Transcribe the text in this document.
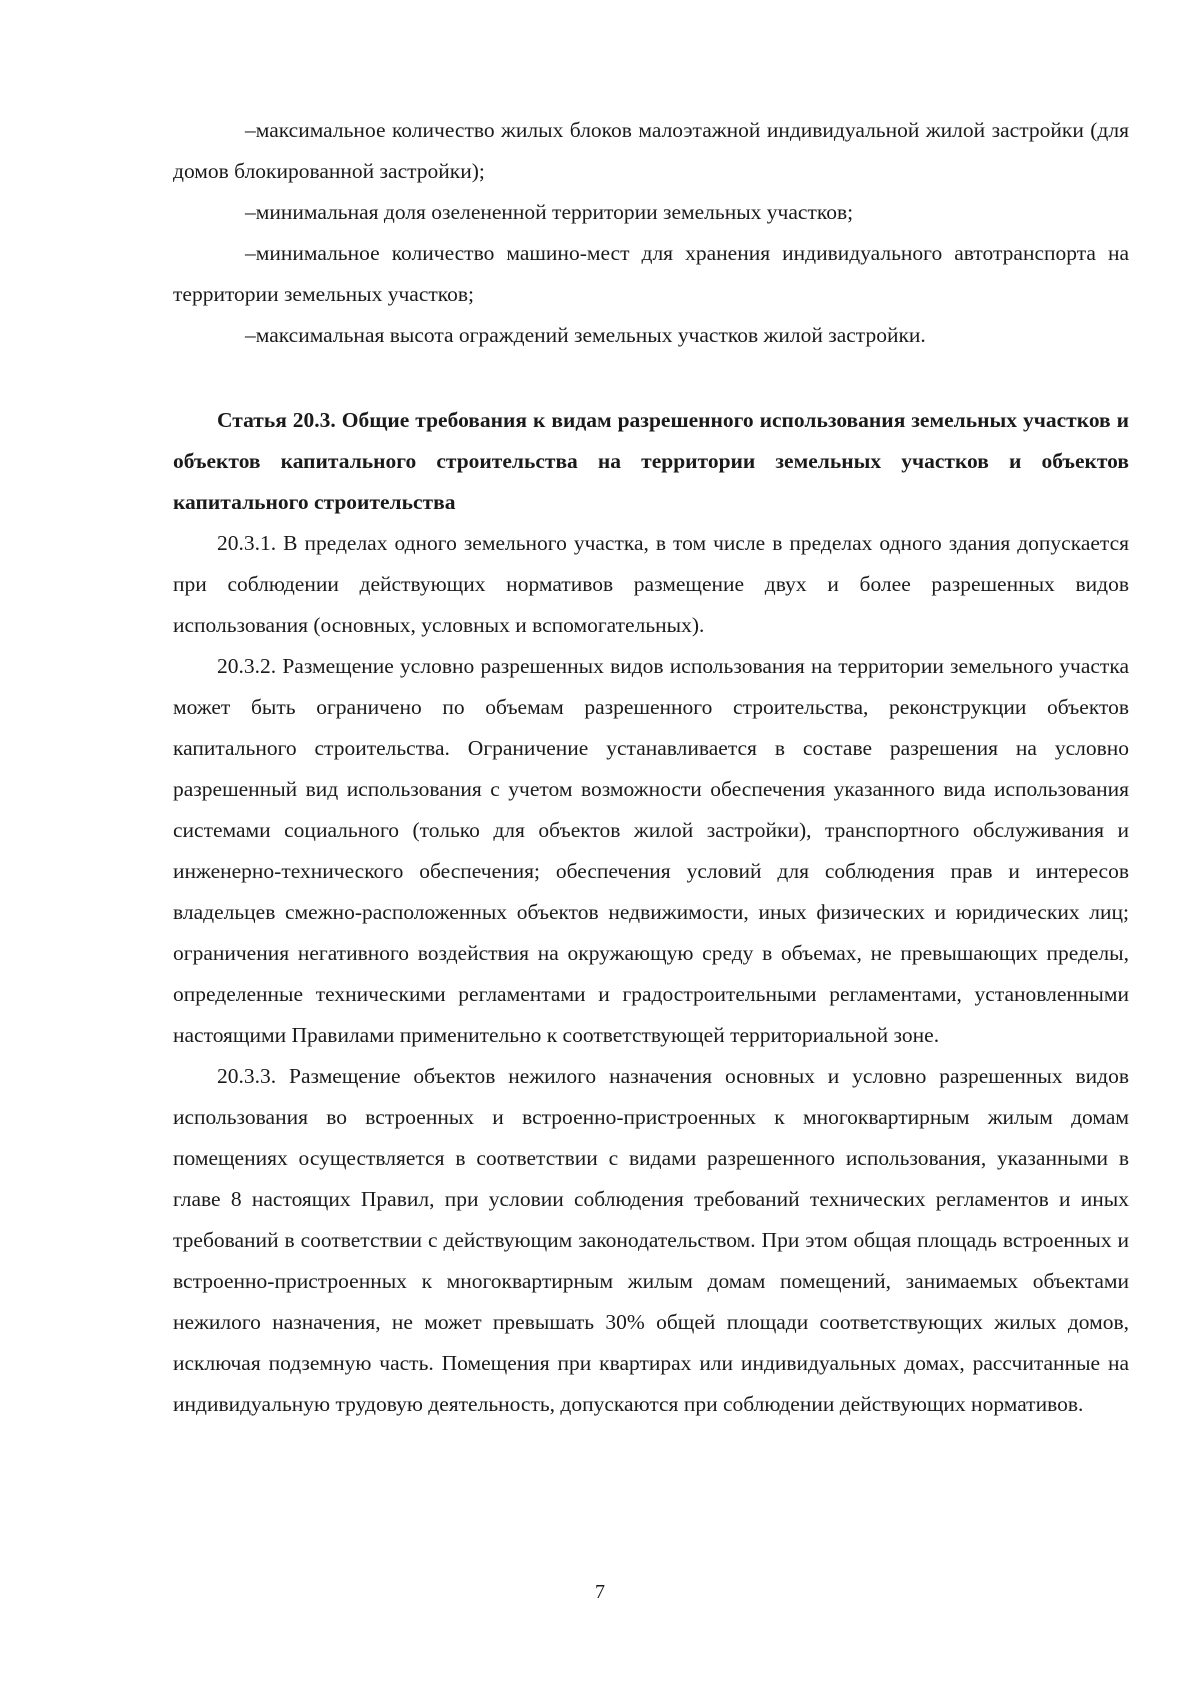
–максимальное количество жилых блоков малоэтажной индивидуальной жилой застройки (для домов блокированной застройки);

–минимальная доля озелененной территории земельных участков;

–минимальное количество машино-мест для хранения индивидуального автотранспорта на территории земельных участков;

–максимальная высота ограждений земельных участков жилой застройки.

Статья 20.3. Общие требования к видам разрешенного использования земельных участков и объектов капитального строительства на территории земельных участков и объектов капитального строительства

20.3.1. В пределах одного земельного участка, в том числе в пределах одного здания допускается при соблюдении действующих нормативов размещение двух и более разрешенных видов использования (основных, условных и вспомогательных).

20.3.2. Размещение условно разрешенных видов использования на территории земельного участка может быть ограничено по объемам разрешенного строительства, реконструкции объектов капитального строительства. Ограничение устанавливается в составе разрешения на условно разрешенный вид использования с учетом возможности обеспечения указанного вида использования системами социального (только для объектов жилой застройки), транспортного обслуживания и инженерно-технического обеспечения; обеспечения условий для соблюдения прав и интересов владельцев смежно-расположенных объектов недвижимости, иных физических и юридических лиц; ограничения негативного воздействия на окружающую среду в объемах, не превышающих пределы, определенные техническими регламентами и градостроительными регламентами, установленными настоящими Правилами применительно к соответствующей территориальной зоне.

20.3.3. Размещение объектов нежилого назначения основных и условно разрешенных видов использования во встроенных и встроенно-пристроенных к многоквартирным жилым домам помещениях осуществляется в соответствии с видами разрешенного использования, указанными в главе 8 настоящих Правил, при условии соблюдения требований технических регламентов и иных требований в соответствии с действующим законодательством. При этом общая площадь встроенных и встроенно-пристроенных к многоквартирным жилым домам помещений, занимаемых объектами нежилого назначения, не может превышать 30% общей площади соответствующих жилых домов, исключая подземную часть. Помещения при квартирах или индивидуальных домах, рассчитанные на индивидуальную трудовую деятельность, допускаются при соблюдении действующих нормативов.

7
